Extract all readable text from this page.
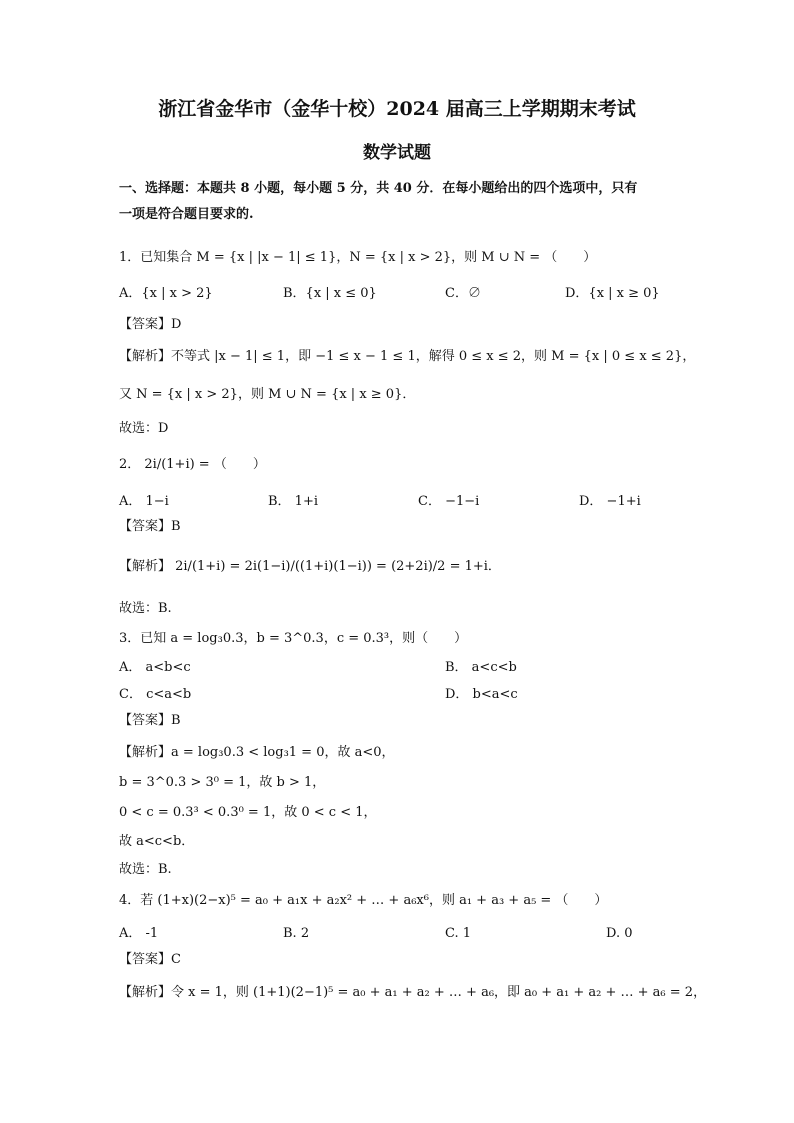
浙江省金华市（金华十校）2024 届高三上学期期末考试
数学试题
一、选择题：本题共 8 小题，每小题 5 分，共 40 分．在每小题给出的四个选项中，只有
一项是符合题目要求的.
1．已知集合 M = {x | |x − 1| ≤ 1}，N = {x | x > 2}，则 M ∪ N = （　　）
A．{x | x > 2}	B．{x | x ≤ 0}	C．∅	D．{x | x ≥ 0}
【答案】D
【解析】不等式 |x − 1| ≤ 1，即 −1 ≤ x − 1 ≤ 1，解得 0 ≤ x ≤ 2，则 M = {x | 0 ≤ x ≤ 2}，
又 N = {x | x > 2}，则 M ∪ N = {x | x ≥ 0}．
故选：D
2． 2i/(1+i) = （　　）
A． 1−i	B． 1+i	C． −1−i	D． −1+i
【答案】B
【解析】 2i/(1+i) = 2i(1−i)/((1+i)(1−i)) = (2+2i)/2 = 1+i．
故选：B.
3．已知 a = log₃0.3，b = 3^0.3，c = 0.3³，则（　　）
A． a<b<c	B． a<c<b
C． c<a<b	D． b<a<c
【答案】B
【解析】a = log₃0.3 < log₃1 = 0，故 a<0，
b = 3^0.3 > 3⁰ = 1，故 b > 1，
0 < c = 0.3³ < 0.3⁰ = 1，故 0 < c < 1，
故 a<c<b．
故选：B.
4．若 (1+x)(2−x)⁵ = a₀ + a₁x + a₂x² + … + a₆x⁶，则 a₁ + a₃ + a₅ = （　　）
A． -1	B. 2	C. 1	D. 0
【答案】C
【解析】令 x = 1，则 (1+1)(2−1)⁵ = a₀ + a₁ + a₂ + … + a₆，即 a₀ + a₁ + a₂ + … + a₆ = 2，
